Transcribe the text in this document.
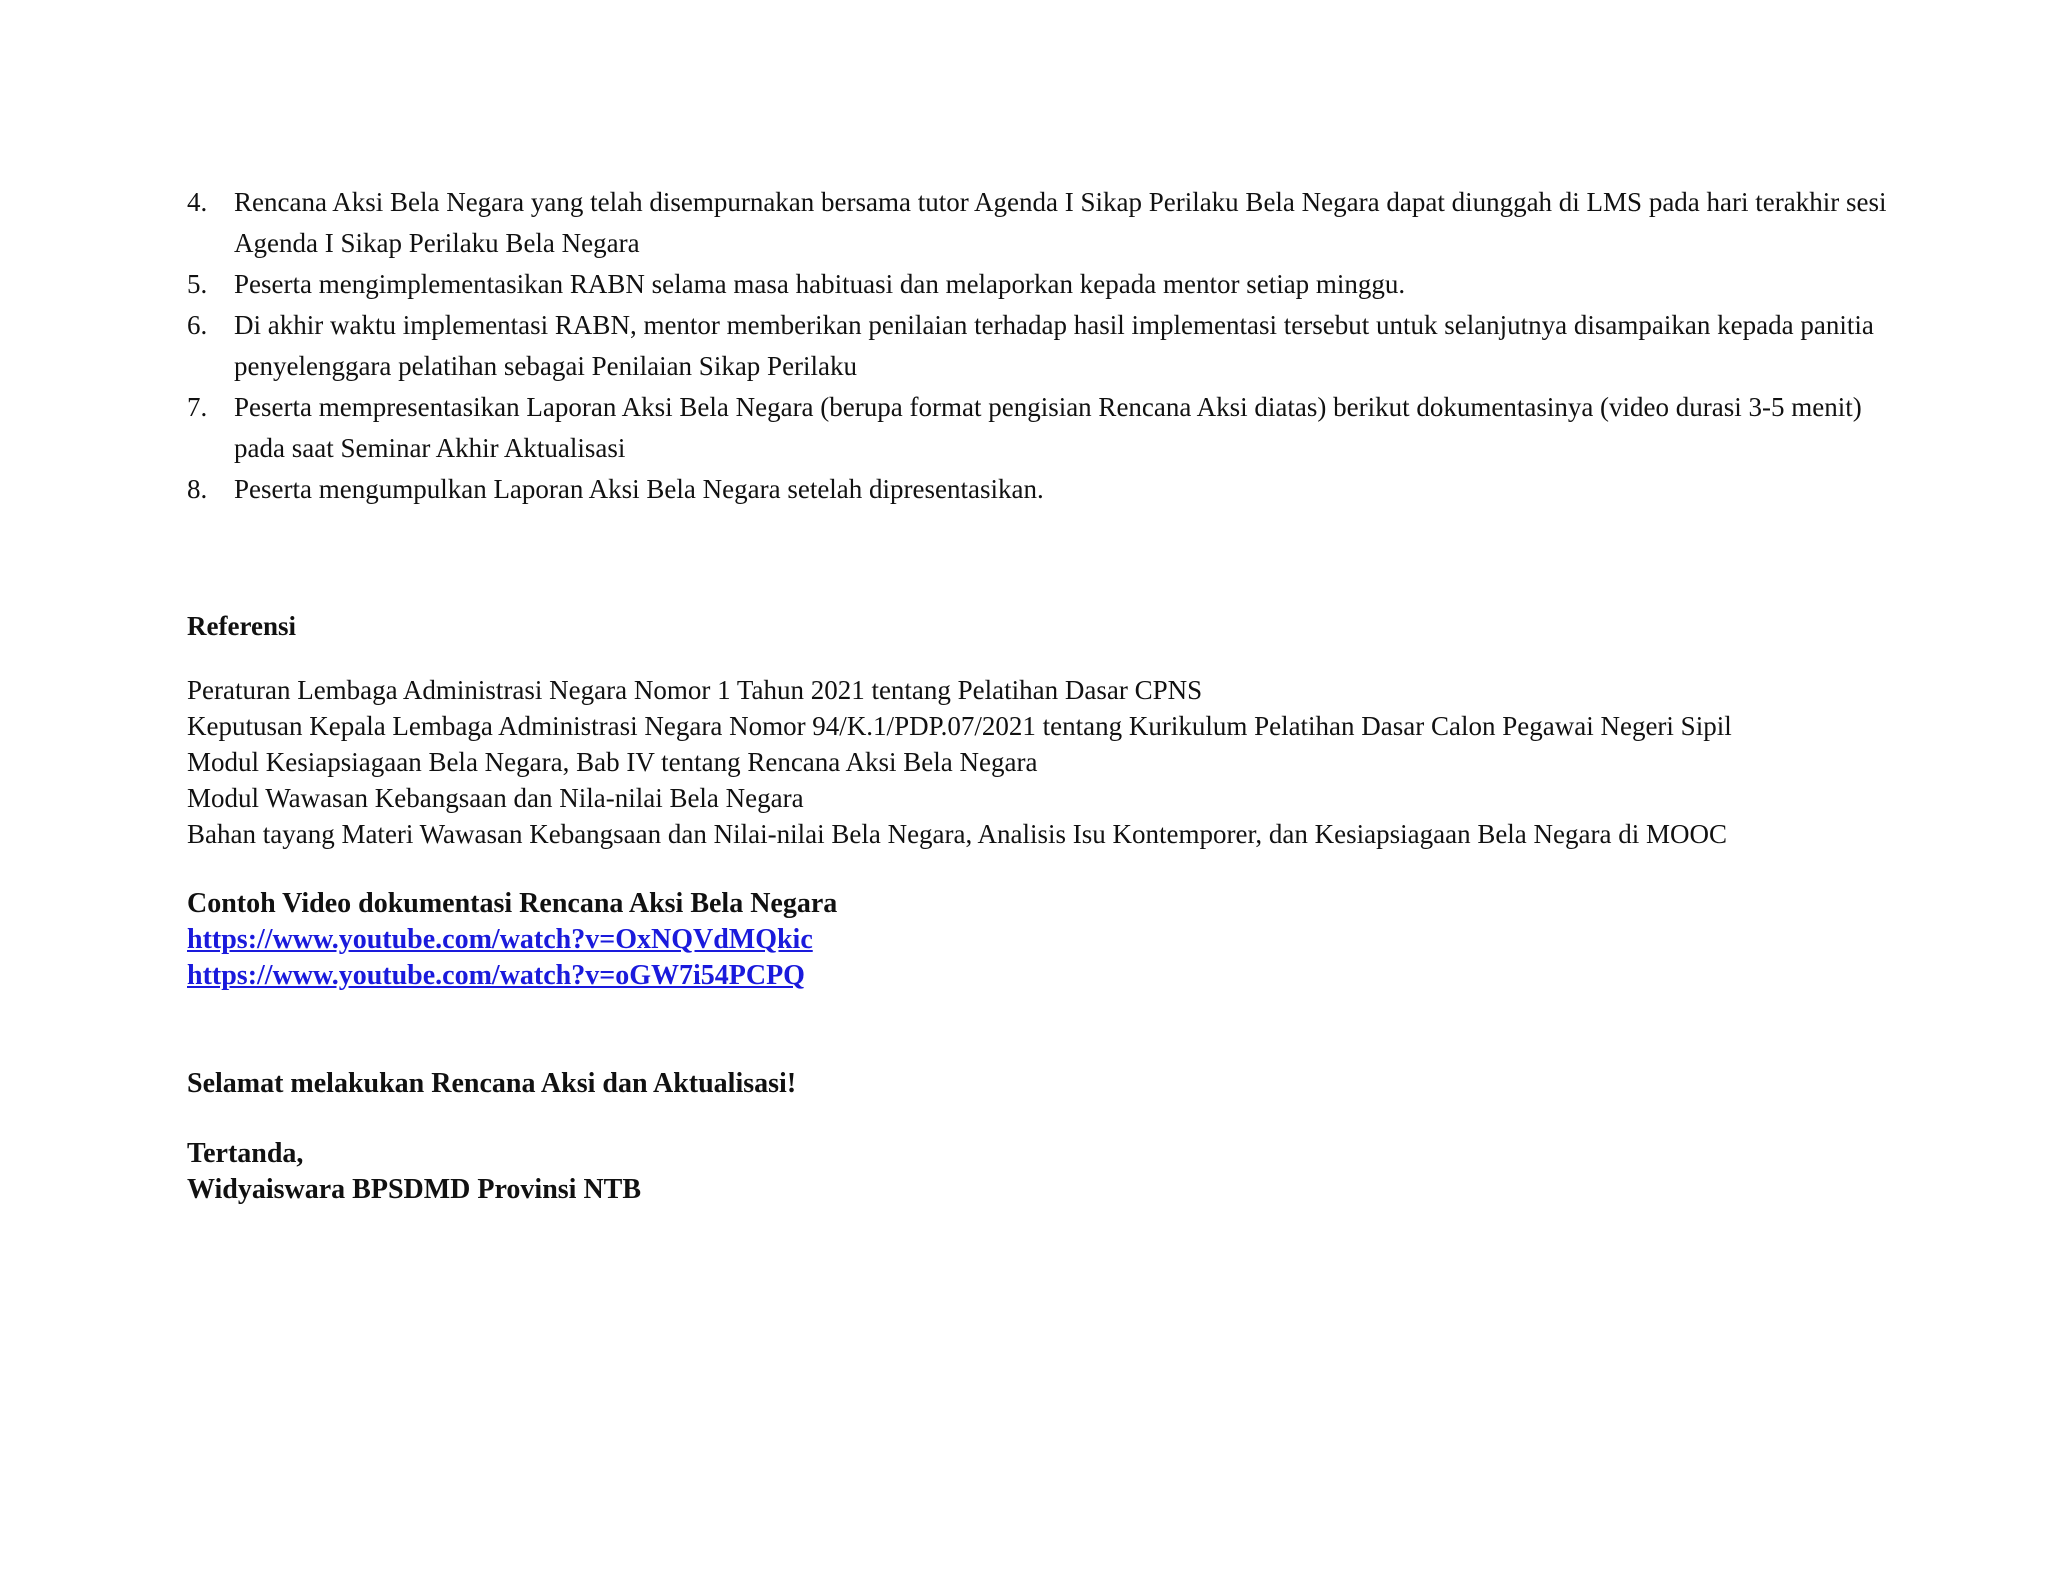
4. Rencana Aksi Bela Negara yang telah disempurnakan bersama tutor Agenda I Sikap Perilaku Bela Negara dapat diunggah di LMS pada hari terakhir sesi Agenda I Sikap Perilaku Bela Negara
5. Peserta mengimplementasikan RABN selama masa habituasi dan melaporkan kepada mentor setiap minggu.
6. Di akhir waktu implementasi RABN, mentor memberikan penilaian terhadap hasil implementasi tersebut untuk selanjutnya disampaikan kepada panitia penyelenggara pelatihan sebagai Penilaian Sikap Perilaku
7. Peserta mempresentasikan Laporan Aksi Bela Negara (berupa format pengisian Rencana Aksi diatas) berikut dokumentasinya (video durasi 3-5 menit) pada saat Seminar Akhir Aktualisasi
8. Peserta mengumpulkan Laporan Aksi Bela Negara setelah dipresentasikan.
Referensi
Peraturan Lembaga Administrasi Negara Nomor 1 Tahun 2021 tentang Pelatihan Dasar CPNS
Keputusan Kepala Lembaga Administrasi Negara Nomor 94/K.1/PDP.07/2021 tentang Kurikulum Pelatihan Dasar Calon Pegawai Negeri Sipil
Modul Kesiapsiagaan Bela Negara, Bab IV tentang Rencana Aksi Bela Negara
Modul Wawasan Kebangsaan dan Nila-nilai Bela Negara
Bahan tayang Materi Wawasan Kebangsaan dan Nilai-nilai Bela Negara, Analisis Isu Kontemporer, dan Kesiapsiagaan Bela Negara di MOOC
Contoh Video dokumentasi Rencana Aksi Bela Negara
https://www.youtube.com/watch?v=OxNQVdMQkic
https://www.youtube.com/watch?v=oGW7i54PCPQ
Selamat melakukan Rencana Aksi dan Aktualisasi!
Tertanda,
Widyaiswara BPSDMD Provinsi NTB
